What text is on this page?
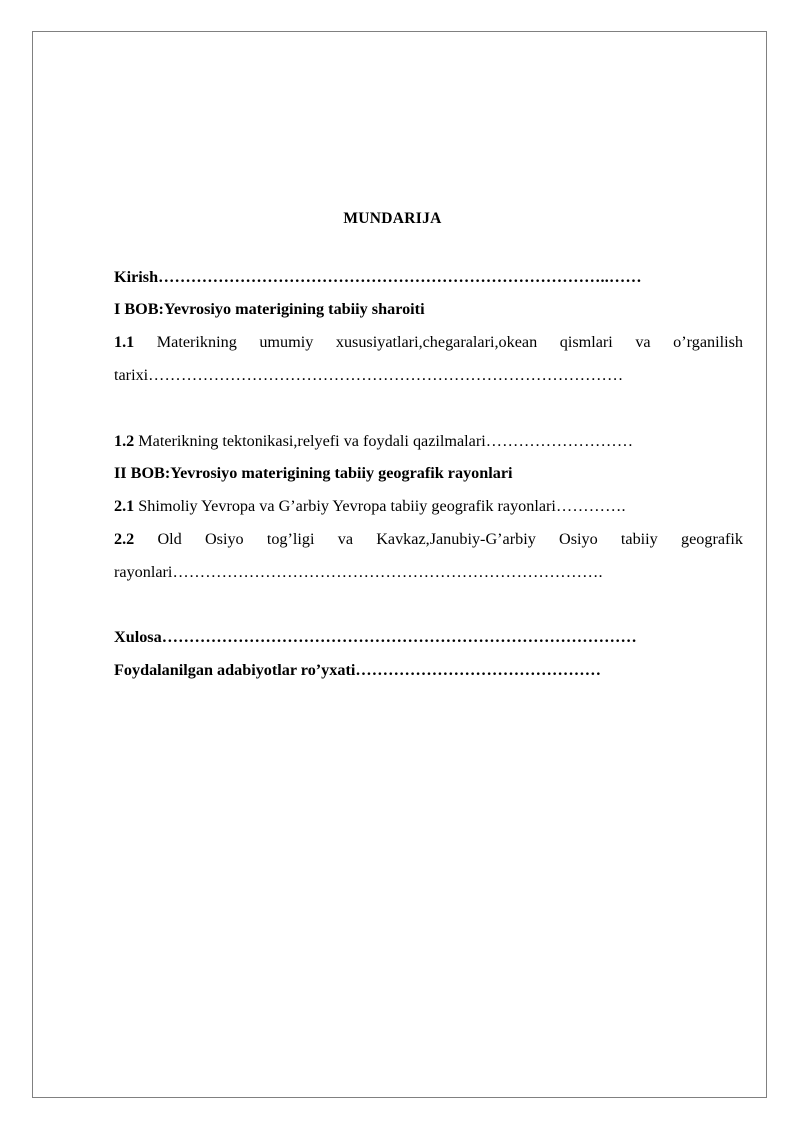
MUNDARIJA
Kirish………………………………………………………………………..……
I BOB:Yevrosiyo materigining tabiiy sharoiti
1.1 Materikning umumiy xususiyatlari,chegaralari,okean qismlari va o’rganilish tarixi……………………………………………………………………………
1.2 Materikning tektonikasi,relyefi va foydali qazilmalari………………………
II BOB:Yevrosiyo materigining tabiiy geografik rayonlari
2.1 Shimoliy Yevropa va G’arbiy Yevropa tabiiy geografik rayonlari………….
2.2 Old Osiyo tog’ligi va Kavkaz,Janubiy-G’arbiy Osiyo tabiiy geografik rayonlari…………………………………………………………………….
Xulosa……………………………………………………………………………
Foydalanilgan adabiyotlar ro’yxati………………………………………
